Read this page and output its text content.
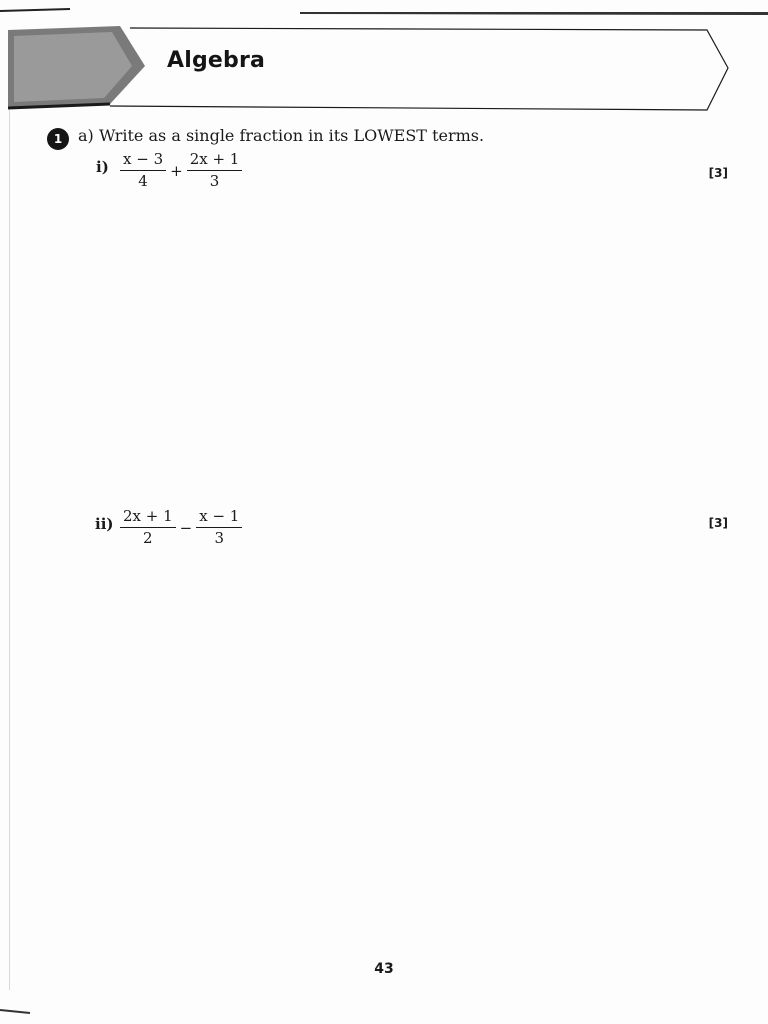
Algebra
1 a) Write as a single fraction in its LOWEST terms.
$i) \frac{x - 3}{4} + \frac{2x + 1}{3}$	[3]
$ii) \frac{2x + 1}{2} - \frac{x - 1}{3}$	[3]
43
